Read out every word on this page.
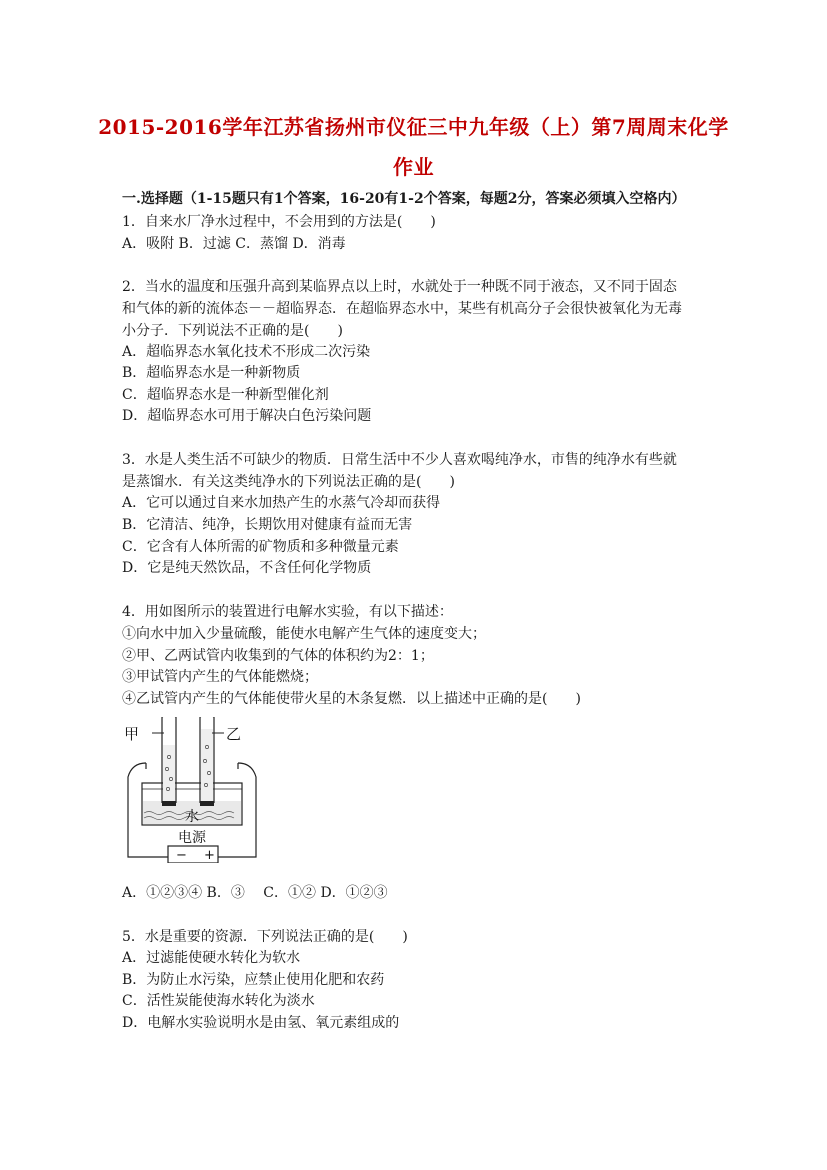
2015-2016学年江苏省扬州市仪征三中九年级（上）第7周周末化学
作业
一.选择题（1-15题只有1个答案，16-20有1-2个答案，每题2分，答案必须填入空格内）
1．自来水厂净水过程中，不会用到的方法是(　　)
A．吸附 B．过滤 C．蒸馏 D．消毒
2．当水的温度和压强升高到某临界点以上时，水就处于一种既不同于液态，又不同于固态
和气体的新的流体态－－超临界态．在超临界态水中，某些有机高分子会很快被氧化为无毒
小分子．下列说法不正确的是(　　)
A．超临界态水氧化技术不形成二次污染
B．超临界态水是一种新物质
C．超临界态水是一种新型催化剂
D．超临界态水可用于解决白色污染问题
3．水是人类生活不可缺少的物质．日常生活中不少人喜欢喝纯净水，市售的纯净水有些就
是蒸馏水．有关这类纯净水的下列说法正确的是(　　)
A．它可以通过自来水加热产生的水蒸气冷却而获得
B．它清洁、纯净，长期饮用对健康有益而无害
C．它含有人体所需的矿物质和多种微量元素
D．它是纯天然饮品，不含任何化学物质
4．用如图所示的装置进行电解水实验，有以下描述：
①向水中加入少量硫酸，能使水电解产生气体的速度变大；
②甲、乙两试管内收集到的气体的体积约为2：1；
③甲试管内产生的气体能燃烧；
④乙试管内产生的气体能使带火星的木条复燃．以上描述中正确的是(　　)
甲	乙
水
电源
− +
A．①②③④ B．③　 C．①② D．①②③
5．水是重要的资源．下列说法正确的是(　　)
A．过滤能使硬水转化为软水
B．为防止水污染，应禁止使用化肥和农药
C．活性炭能使海水转化为淡水
D．电解水实验说明水是由氢、氧元素组成的
